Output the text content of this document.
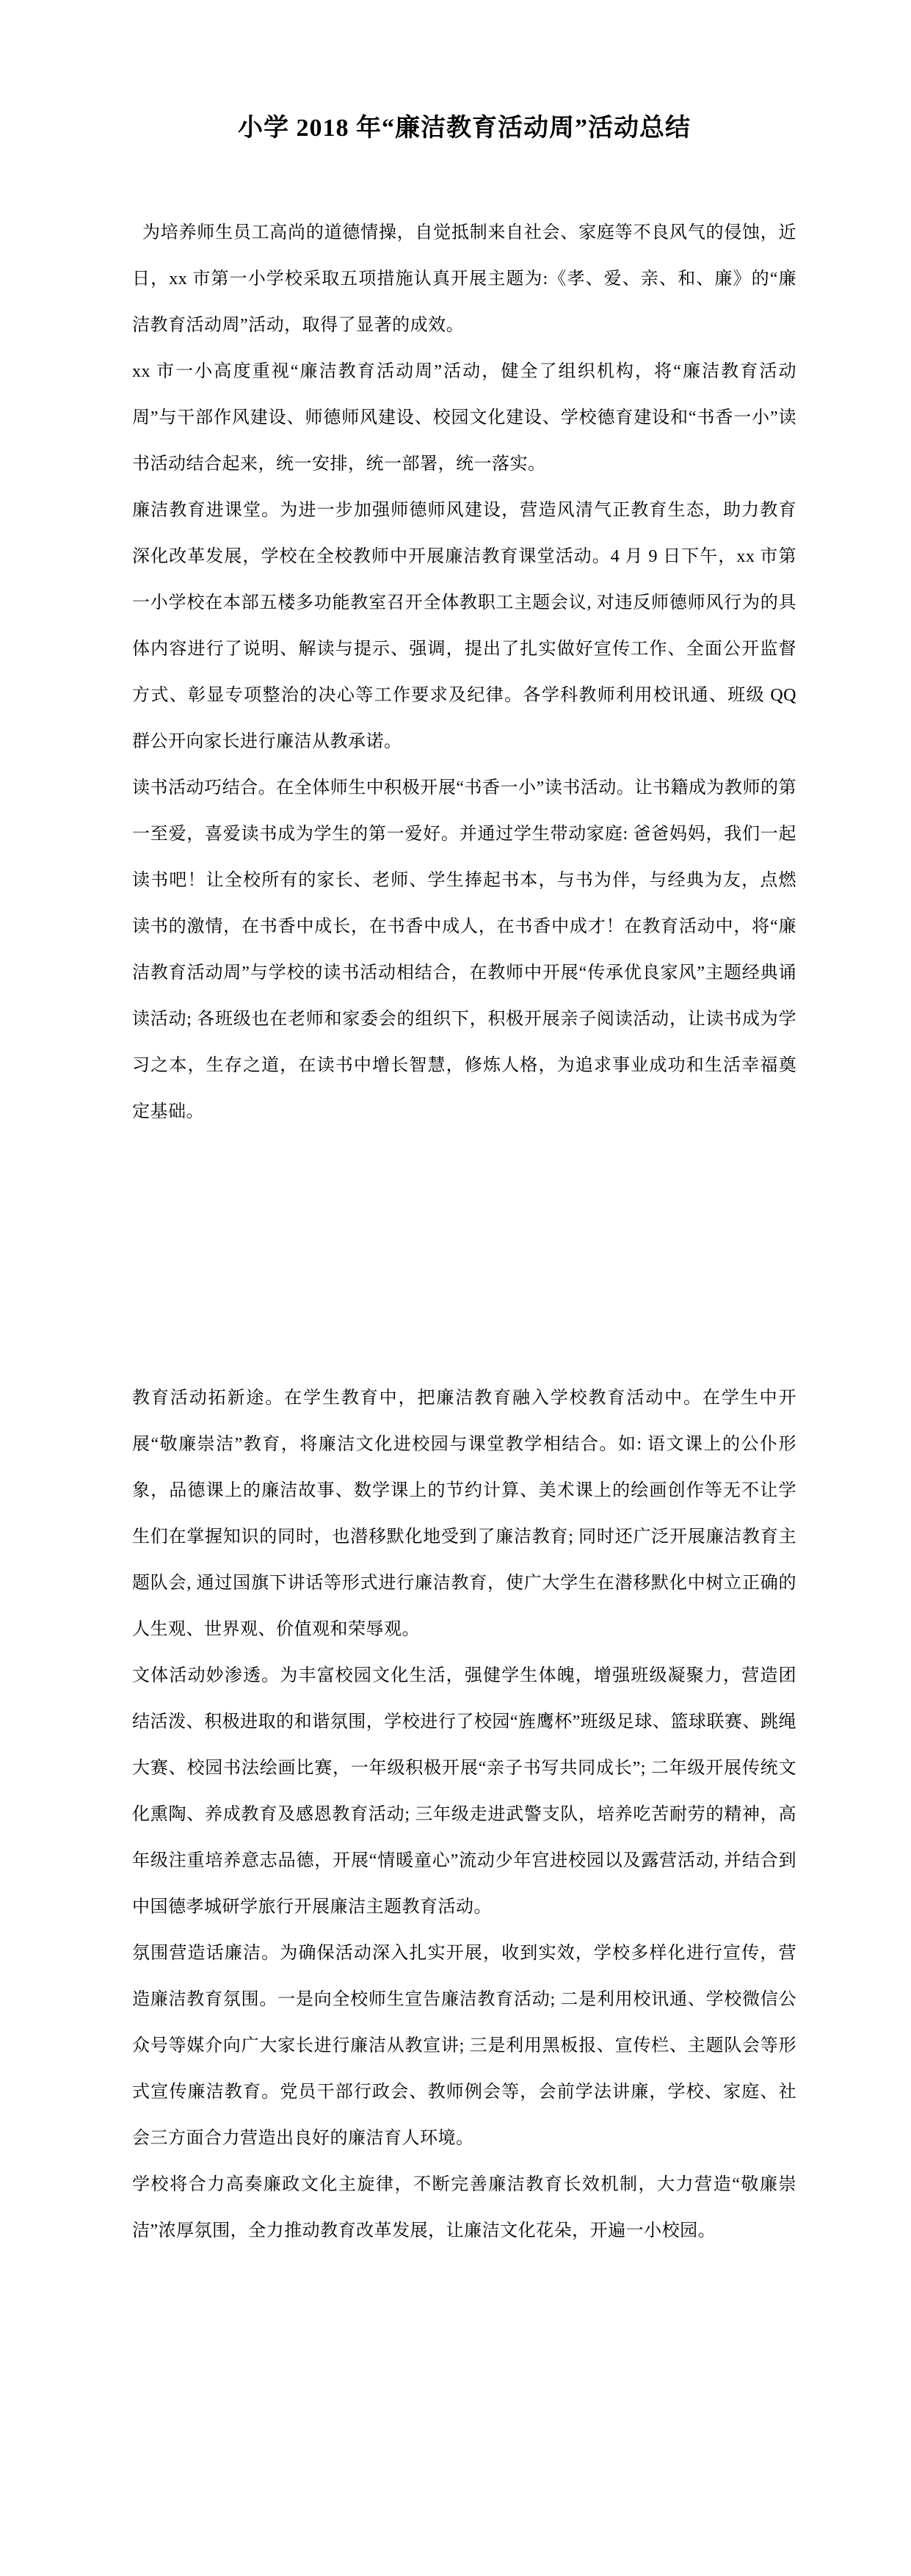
小学 2018 年“廉洁教育活动周”活动总结

为培养师生员工高尚的道德情操，自觉抵制来自社会、家庭等不良风气的侵蚀，近日，xx 市第一小学校采取五项措施认真开展主题为:《孝、爱、亲、和、廉》的“廉洁教育活动周”活动，取得了显著的成效。

xx 市一小高度重视“廉洁教育活动周”活动，健全了组织机构，将“廉洁教育活动周”与干部作风建设、师德师风建设、校园文化建设、学校德育建设和“书香一小”读书活动结合起来，统一安排，统一部署，统一落实。

廉洁教育进课堂。为进一步加强师德师风建设，营造风清气正教育生态，助力教育深化改革发展，学校在全校教师中开展廉洁教育课堂活动。4 月 9 日下午，xx 市第一小学校在本部五楼多功能教室召开全体教职工主题会议, 对违反师德师风行为的具体内容进行了说明、解读与提示、强调，提出了扎实做好宣传工作、全面公开监督方式、彰显专项整治的决心等工作要求及纪律。各学科教师利用校讯通、班级 QQ 群公开向家长进行廉洁从教承诺。

读书活动巧结合。在全体师生中积极开展“书香一小”读书活动。让书籍成为教师的第一至爱，喜爱读书成为学生的第一爱好。并通过学生带动家庭: 爸爸妈妈，我们一起读书吧！让全校所有的家长、老师、学生捧起书本，与书为伴，与经典为友，点燃读书的激情，在书香中成长，在书香中成人，在书香中成才！在教育活动中，将“廉洁教育活动周”与学校的读书活动相结合，在教师中开展“传承优良家风”主题经典诵读活动; 各班级也在老师和家委会的组织下，积极开展亲子阅读活动，让读书成为学习之本，生存之道，在读书中增长智慧，修炼人格，为追求事业成功和生活幸福奠定基础。

教育活动拓新途。在学生教育中，把廉洁教育融入学校教育活动中。在学生中开展“敬廉崇洁”教育，将廉洁文化进校园与课堂教学相结合。如: 语文课上的公仆形象，品德课上的廉洁故事、数学课上的节约计算、美术课上的绘画创作等无不让学生们在掌握知识的同时，也潜移默化地受到了廉洁教育; 同时还广泛开展廉洁教育主题队会, 通过国旗下讲话等形式进行廉洁教育，使广大学生在潜移默化中树立正确的人生观、世界观、价值观和荣辱观。

文体活动妙渗透。为丰富校园文化生活，强健学生体魄，增强班级凝聚力，营造团结活泼、积极进取的和谐氛围，学校进行了校园“旌鹰杯”班级足球、篮球联赛、跳绳大赛、校园书法绘画比赛，一年级积极开展“亲子书写共同成长”; 二年级开展传统文化熏陶、养成教育及感恩教育活动; 三年级走进武警支队，培养吃苦耐劳的精神，高年级注重培养意志品德，开展“情暖童心”流动少年宫进校园以及露营活动, 并结合到中国德孝城研学旅行开展廉洁主题教育活动。

氛围营造话廉洁。为确保活动深入扎实开展，收到实效，学校多样化进行宣传，营造廉洁教育氛围。一是向全校师生宣告廉洁教育活动; 二是利用校讯通、学校微信公众号等媒介向广大家长进行廉洁从教宣讲; 三是利用黑板报、宣传栏、主题队会等形式宣传廉洁教育。党员干部行政会、教师例会等，会前学法讲廉，学校、家庭、社会三方面合力营造出良好的廉洁育人环境。

学校将合力高奏廉政文化主旋律，不断完善廉洁教育长效机制，大力营造“敬廉崇洁”浓厚氛围，全力推动教育改革发展，让廉洁文化花朵，开遍一小校园。
